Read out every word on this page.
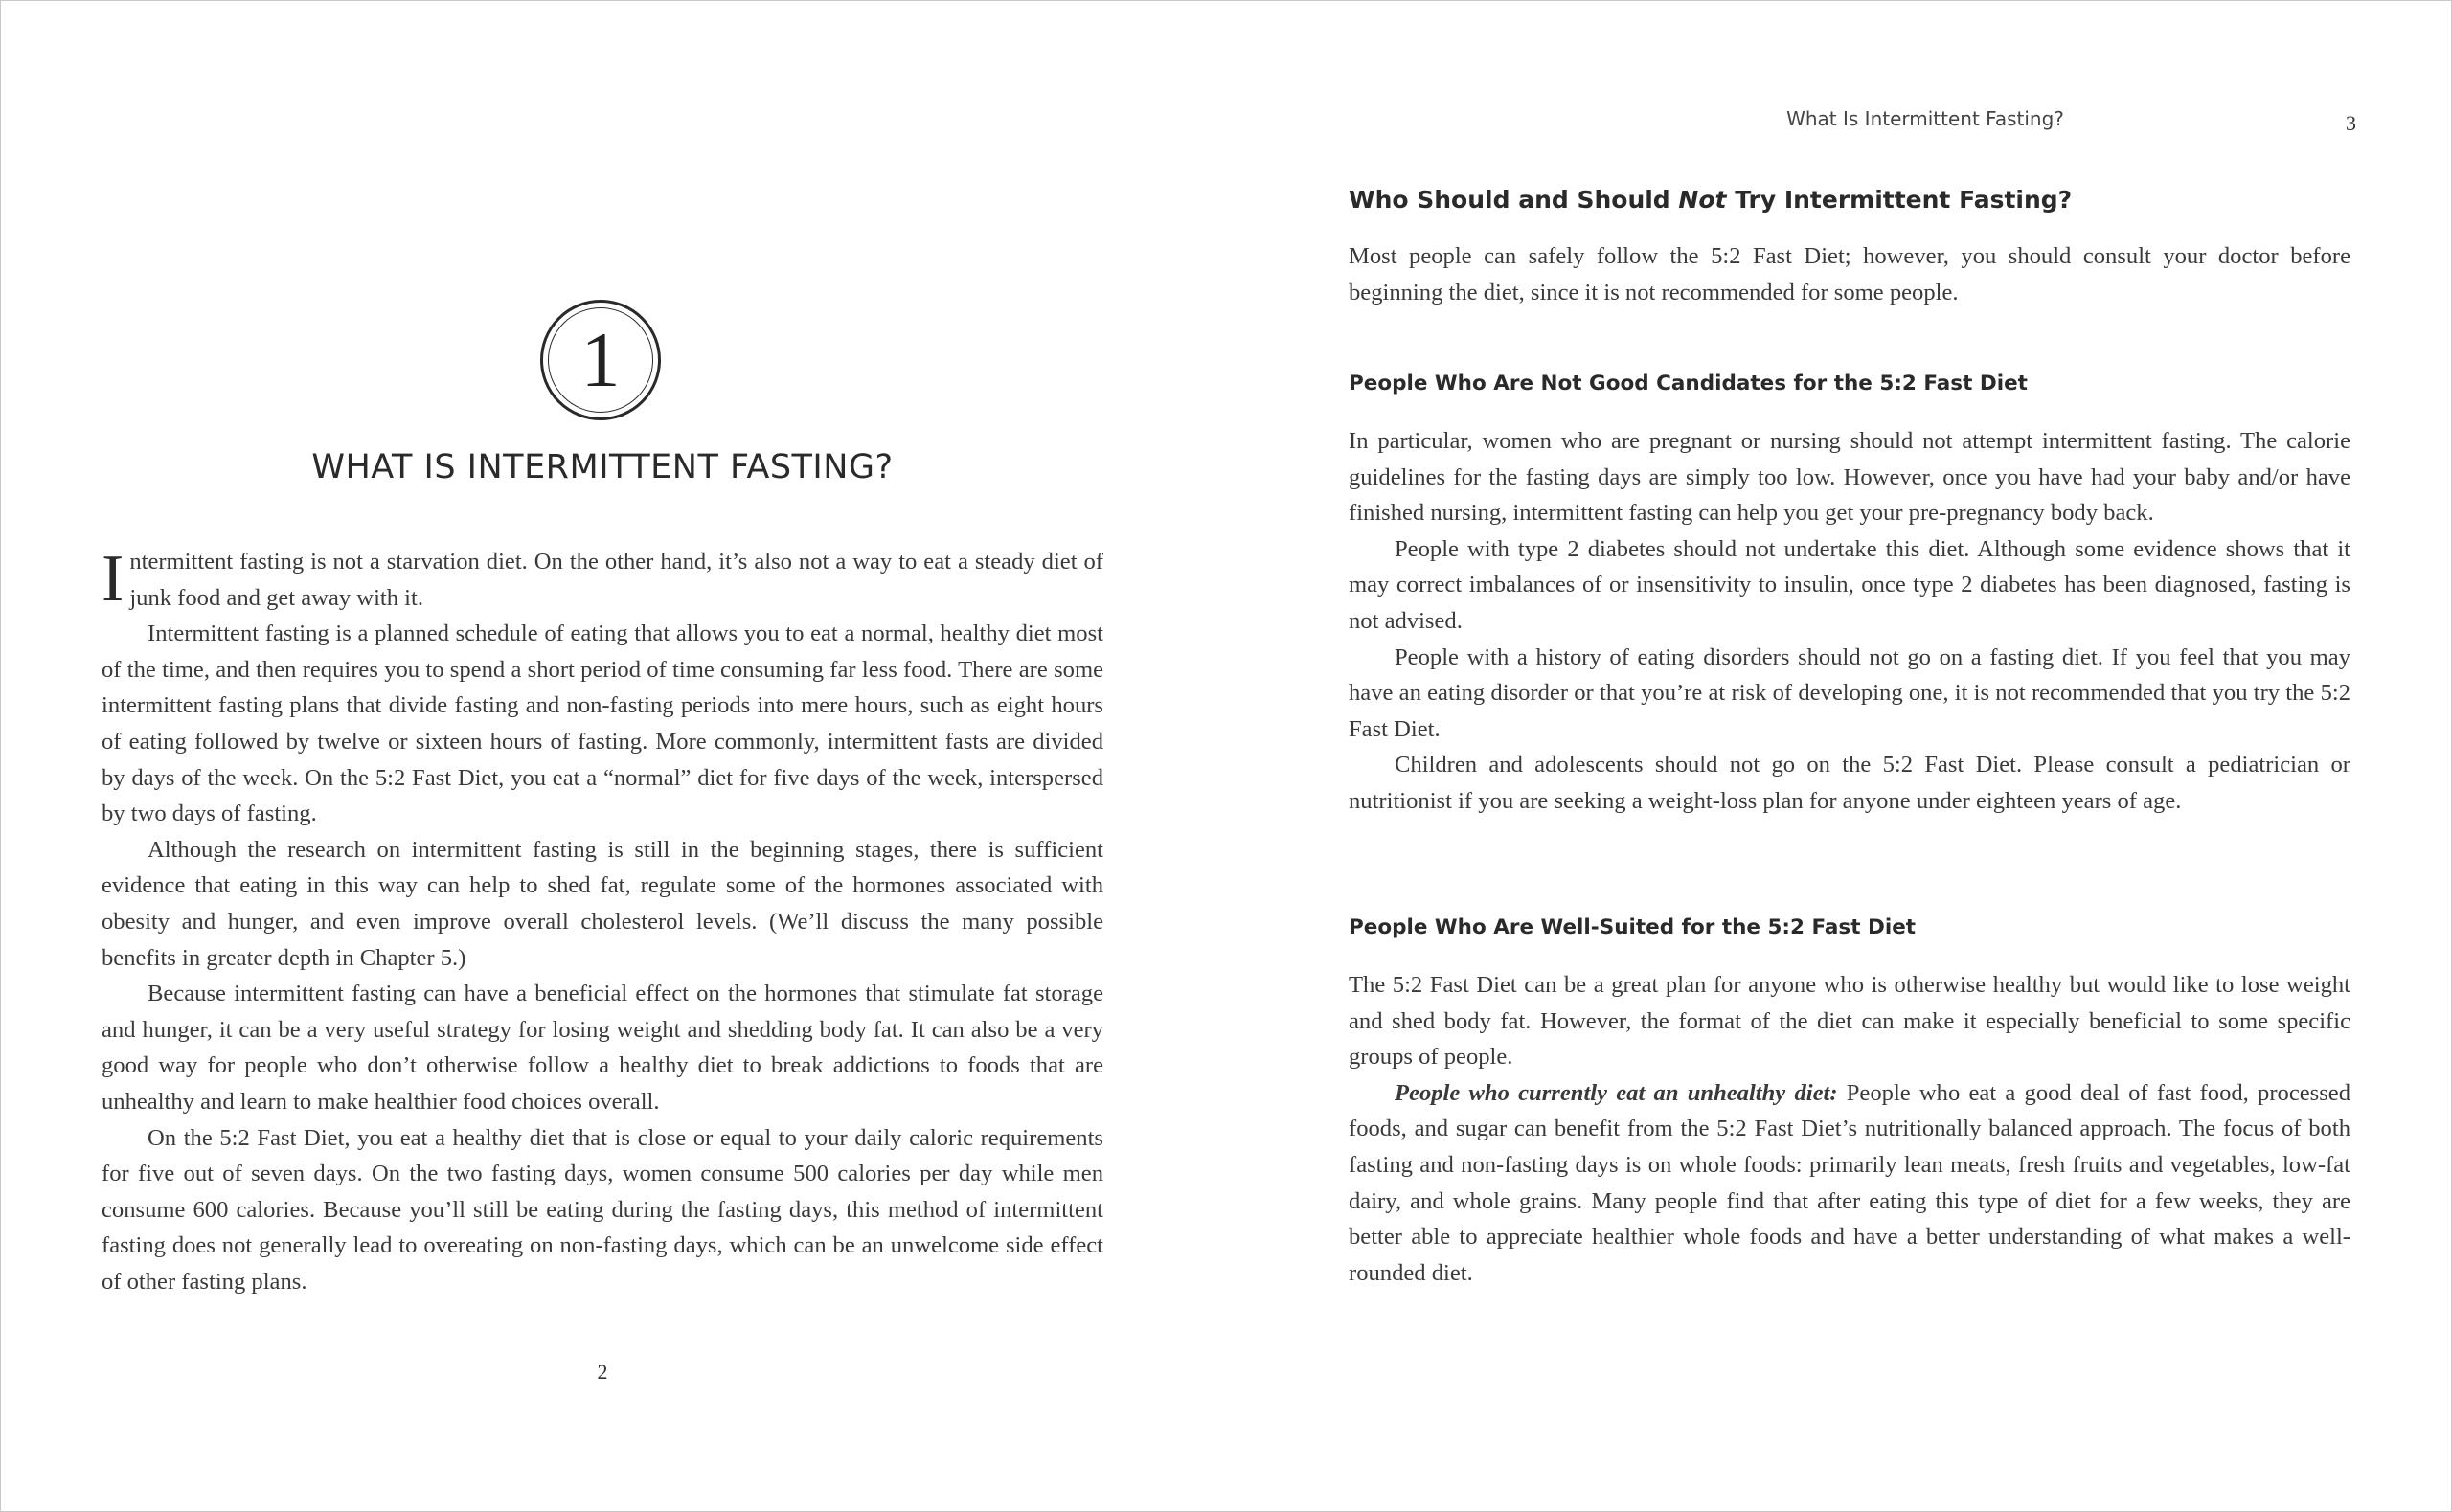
1
WHAT IS INTERMITTENT FASTING?

Intermittent fasting is not a starvation diet. On the other hand, it’s also not a way to eat a steady diet of junk food and get away with it.

Intermittent fasting is a planned schedule of eating that allows you to eat a normal, healthy diet most of the time, and then requires you to spend a short period of time consuming far less food. There are some intermittent fasting plans that divide fasting and non-fasting periods into mere hours, such as eight hours of eating followed by twelve or sixteen hours of fasting. More commonly, intermittent fasts are divided by days of the week. On the 5:2 Fast Diet, you eat a “normal” diet for five days of the week, interspersed by two days of fasting.

Although the research on intermittent fasting is still in the beginning stages, there is sufficient evidence that eating in this way can help to shed fat, regulate some of the hormones associated with obesity and hunger, and even improve overall cholesterol levels. (We’ll discuss the many possible benefits in greater depth in Chapter 5.)

Because intermittent fasting can have a beneficial effect on the hormones that stimulate fat storage and hunger, it can be a very useful strategy for losing weight and shedding body fat. It can also be a very good way for people who don’t otherwise follow a healthy diet to break addictions to foods that are unhealthy and learn to make healthier food choices overall.

On the 5:2 Fast Diet, you eat a healthy diet that is close or equal to your daily caloric requirements for five out of seven days. On the two fasting days, women consume 500 calories per day while men consume 600 calories. Because you’ll still be eating during the fasting days, this method of intermittent fasting does not generally lead to overeating on non-fasting days, which can be an unwelcome side effect of other fasting plans.

2
What Is Intermittent Fasting?	3
Who Should and Should Not Try Intermittent Fasting?

Most people can safely follow the 5:2 Fast Diet; however, you should consult your doctor before beginning the diet, since it is not recommended for some people.

People Who Are Not Good Candidates for the 5:2 Fast Diet

In particular, women who are pregnant or nursing should not attempt intermittent fasting. The calorie guidelines for the fasting days are simply too low. However, once you have had your baby and/or have finished nursing, intermittent fasting can help you get your pre-pregnancy body back.

People with type 2 diabetes should not undertake this diet. Although some evidence shows that it may correct imbalances of or insensitivity to insulin, once type 2 diabetes has been diagnosed, fasting is not advised.

People with a history of eating disorders should not go on a fasting diet. If you feel that you may have an eating disorder or that you’re at risk of developing one, it is not recommended that you try the 5:2 Fast Diet.

Children and adolescents should not go on the 5:2 Fast Diet. Please consult a pediatrician or nutritionist if you are seeking a weight-loss plan for anyone under eighteen years of age.

People Who Are Well-Suited for the 5:2 Fast Diet

The 5:2 Fast Diet can be a great plan for anyone who is otherwise healthy but would like to lose weight and shed body fat. However, the format of the diet can make it especially beneficial to some specific groups of people.

People who currently eat an unhealthy diet: People who eat a good deal of fast food, processed foods, and sugar can benefit from the 5:2 Fast Diet’s nutritionally balanced approach. The focus of both fasting and non-fasting days is on whole foods: primarily lean meats, fresh fruits and vegetables, low-fat dairy, and whole grains. Many people find that after eating this type of diet for a few weeks, they are better able to appreciate healthier whole foods and have a better understanding of what makes a well-rounded diet.
